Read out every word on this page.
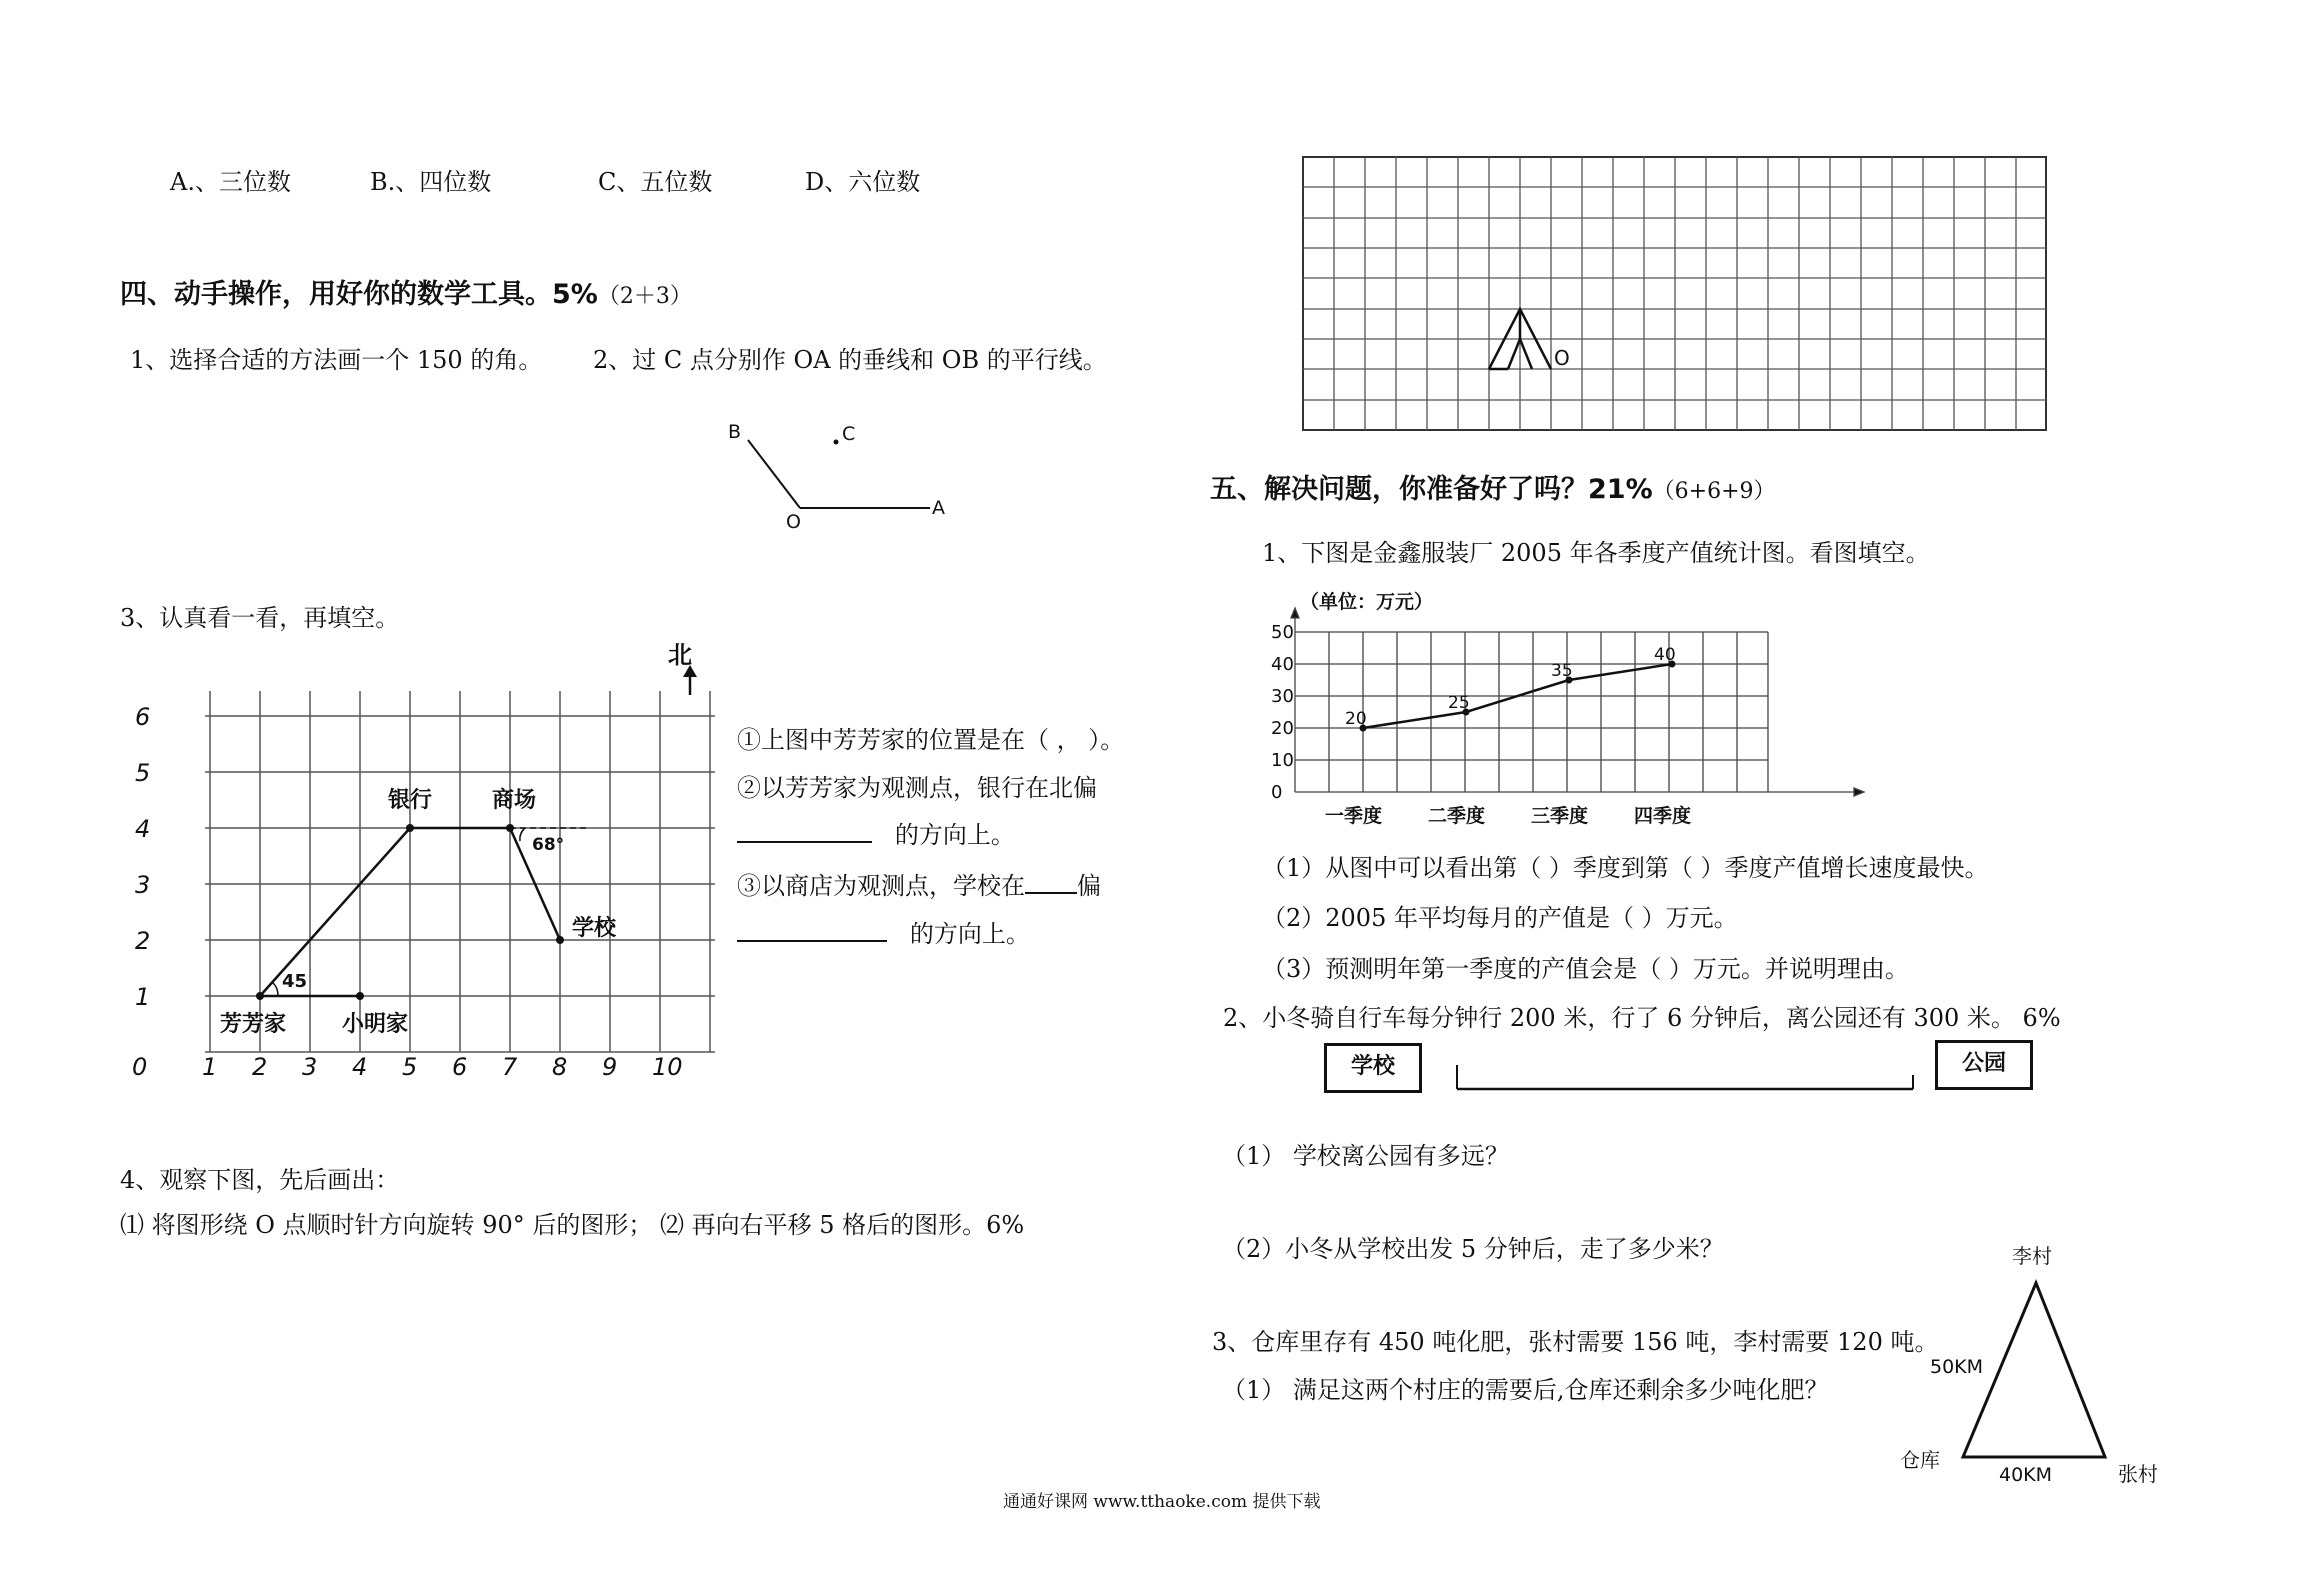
A.、三位数	B.、四位数	C、五位数	D、六位数
四、动手操作，用好你的数学工具。5%（2＋3）
1、选择合适的方法画一个 150 的角。 2、过 C 点分别作 OA 的垂线和 OB 的平行线。
B	C
O
A
3、认真看一看，再填空。
0 1 2 3 4 5 6 7 8 9 10
1
2
3
4
5
6
芳芳家	小明家
银行	商场
学校
45
68°
北
①上图中芳芳家的位置是在（ ， ）。
②以芳芳家为观测点，银行在北偏
的方向上。
③以商店为观测点，学校在 偏
的方向上。
4、观察下图，先后画出：
⑴ 将图形绕 O 点顺时针方向旋转 90° 后的图形； ⑵ 再向右平移 5 格后的图形。6%
O
五、解决问题，你准备好了吗？21%（6+6+9）
1、下图是金鑫服装厂 2005 年各季度产值统计图。看图填空。
（单位：万元）
0
10
20
30
40
50
一季度 二季度 三季度 四季度
20
25
35
40
（1）从图中可以看出第（ ）季度到第（ ）季度产值增长速度最快。
（2）2005 年平均每月的产值是（ ）万元。
（3）预测明年第一季度的产值会是（ ）万元。并说明理由。
2、小冬骑自行车每分钟行 200 米，行了 6 分钟后，离公园还有 300 米。 6%
学校	公园
（1） 学校离公园有多远？
（2）小冬从学校出发 5 分钟后，走了多少米？
3、仓库里存有 450 吨化肥，张村需要 156 吨，李村需要 120 吨。
（1） 满足这两个村庄的需要后,仓库还剩余多少吨化肥？
李村
50KM
仓库
40KM	张村
通通好课网 www.tthaoke.com 提供下载
